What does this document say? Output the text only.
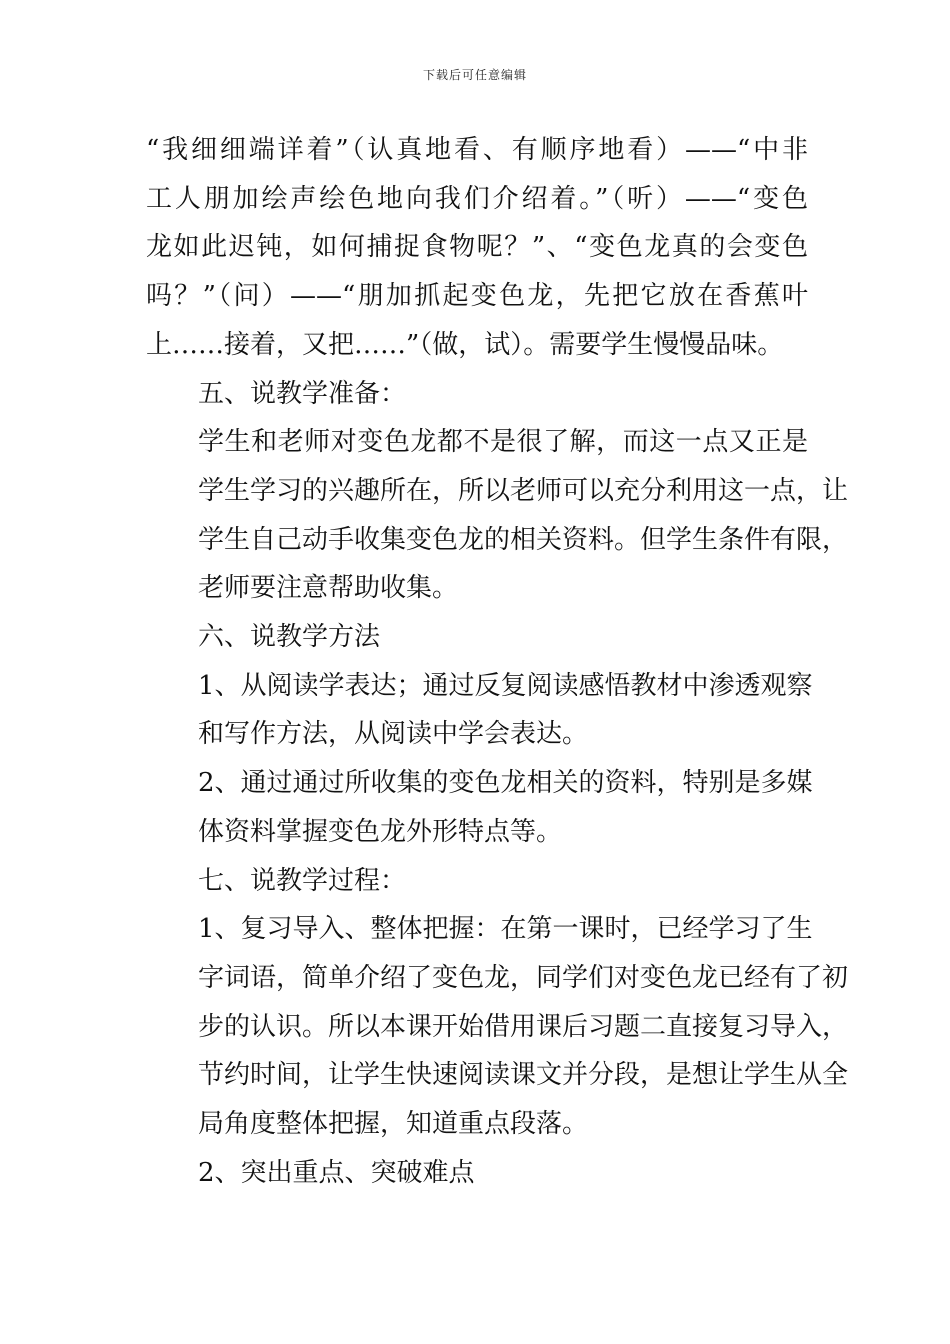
下载后可任意编辑

“我细细端详着”（认真地看、有顺序地看）——“中非
工人朋加绘声绘色地向我们介绍着。”（听）——“变色
龙如此迟钝，如何捕捉食物呢？”、“变色龙真的会变色
吗？”（问）——“朋加抓起变色龙，先把它放在香蕉叶
上……接着，又把……”（做，试）。需要学生慢慢品味。

五、说教学准备：

学生和老师对变色龙都不是很了解，而这一点又正是
学生学习的兴趣所在，所以老师可以充分利用这一点，让
学生自己动手收集变色龙的相关资料。但学生条件有限，
老师要注意帮助收集。

六、说教学方法

1、从阅读学表达；通过反复阅读感悟教材中渗透观察
和写作方法，从阅读中学会表达。

2、通过通过所收集的变色龙相关的资料，特别是多媒
体资料掌握变色龙外形特点等。

七、说教学过程：

1、复习导入、整体把握：在第一课时，已经学习了生
字词语，简单介绍了变色龙，同学们对变色龙已经有了初
步的认识。所以本课开始借用课后习题二直接复习导入，
节约时间，让学生快速阅读课文并分段，是想让学生从全
局角度整体把握，知道重点段落。

2、突出重点、突破难点
